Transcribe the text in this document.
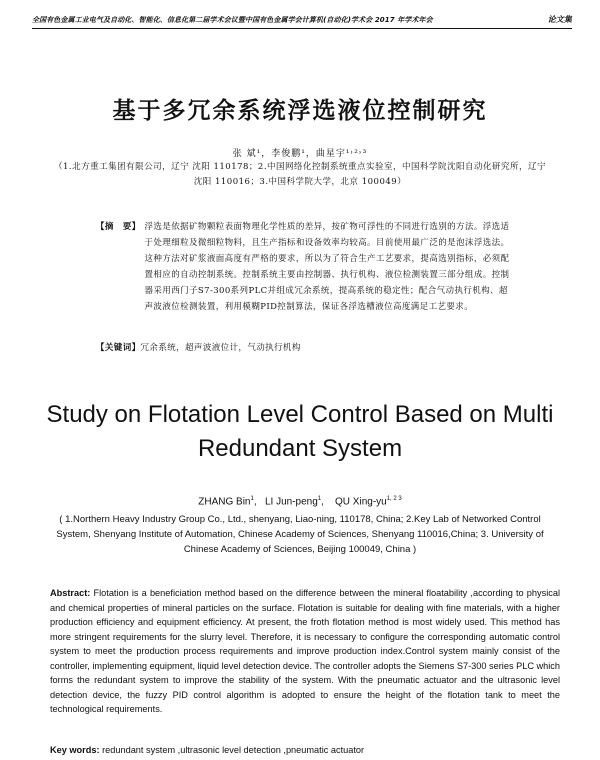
全国有色金属工业电气及自动化、智能化、信息化第二届学术会议暨中国有色金属学会计算机(自动化)学术会 2017 年学术年会	论文集
基于多冗余系统浮选液位控制研究
张 斌¹，李俊鹏¹，曲星宇¹˒²˒³
（1.北方重工集团有限公司，辽宁 沈阳 110178；2.中国网络化控制系统重点实验室，中国科学院沈阳自动化研究所，辽宁
沈阳 110016；3.中国科学院大学，北京 100049）
【摘　要】 浮选是依据矿物颗粒表面物理化学性质的差异，按矿物可浮性的不同进行选别的方法。浮选适于处理细粒及微细粒物料，且生产指标和设备效率均较高。目前使用最广泛的是泡沫浮选法。这种方法对矿浆液面高度有严格的要求，所以为了符合生产工艺要求，提高选别指标，必须配置相应的自动控制系统。控制系统主要由控制器、执行机构、液位检测装置三部分组成。控制器采用西门子S7-300系列PLC并组成冗余系统，提高系统的稳定性；配合气动执行机构、超声波液位检测装置，利用模糊PID控制算法，保证各浮选槽液位高度满足工艺要求。
【关键词】冗余系统，超声波液位计，气动执行机构
Study on Flotation Level Control Based on Multi
Redundant System
ZHANG Bin$^1$,   LI Jun-peng$^1$,    QU Xing-$yu^{1, 2 3}$
( 1.Northern Heavy Industry Group Co., Ltd., shenyang, Liao-ning, 110178, China; 2.Key Lab of Networked Control System, Shenyang Institute of Automation, Chinese Academy of Sciences, Shenyang 110016,China; 3. University of Chinese Academy of Sciences, Beijing 100049, China )
Abstract: Flotation is a beneficiation method based on the difference between the mineral floatability ,according to physical and chemical properties of mineral particles on the surface. Flotation is suitable for dealing with fine materials, with a higher production efficiency and equipment efficiency. At present, the froth flotation method is most widely used. This method has more stringent requirements for the slurry level. Therefore, it is necessary to configure the corresponding automatic control system to meet the production process requirements and improve production index.Control system mainly consist of the controller, implementing equipment, liquid level detection device. The controller adopts the Siemens S7-300 series PLC which forms the redundant system to improve the stability of the system. With the pneumatic actuator and the ultrasonic level detection device, the fuzzy PID control algorithm is adopted to ensure the height of the flotation tank to meet the technological requirements.
Key words: redundant system ,ultrasonic level detection ,pneumatic actuator
